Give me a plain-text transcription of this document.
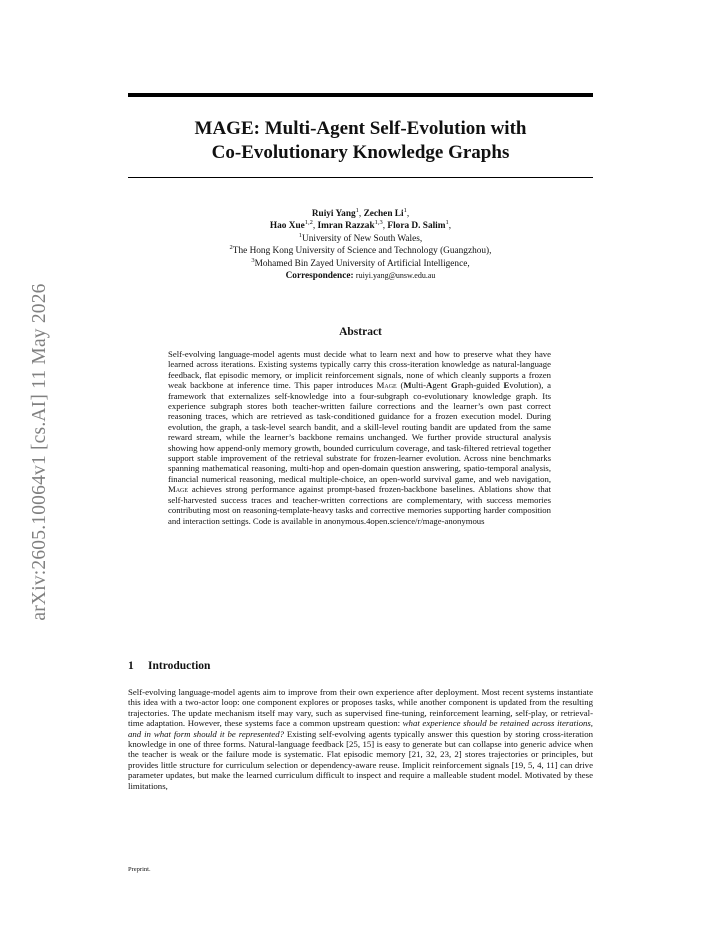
arXiv:2605.10064v1 [cs.AI] 11 May 2026
MAGE: Multi-Agent Self-Evolution with
Co-Evolutionary Knowledge Graphs
Ruiyi Yang$^1$, Zechen Li$^1$,
Hao Xue$^{1,2}$, Imran Razzak$^{1,3}$, Flora D. Salim$^1$,
$^1$University of New South Wales,
$^2$The Hong Kong University of Science and Technology (Guangzhou),
$^3$Mohamed Bin Zayed University of Artificial Intelligence,
Correspondence: ruiyi.yang@unsw.edu.au
Abstract

Self-evolving language-model agents must decide what to learn next and how to preserve what they have learned across iterations. Existing systems typically carry this cross-iteration knowledge as natural-language feedback, flat episodic memory, or implicit reinforcement signals, none of which cleanly supports a frozen weak backbone at inference time. This paper introduces Mage (Multi-Agent Graph-guided Evolution), a framework that externalizes self-knowledge into a four-subgraph co-evolutionary knowledge graph. Its experience subgraph stores both teacher-written failure corrections and the learner’s own past correct reasoning traces, which are retrieved as task-conditioned guidance for a frozen execution model. During evolution, the graph, a task-level search bandit, and a skill-level routing bandit are updated from the same reward stream, while the learner’s backbone remains unchanged. We further provide structural analysis showing how append-only memory growth, bounded curriculum coverage, and task-filtered retrieval together support stable improvement of the retrieval substrate for frozen-learner evolution. Across nine benchmarks spanning mathematical reasoning, multi-hop and open-domain question answering, spatio-temporal analysis, financial numerical reasoning, medical multiple-choice, an open-world survival game, and web navigation, Mage achieves strong performance against prompt-based frozen-backbone baselines. Ablations show that self-harvested success traces and teacher-written corrections are complementary, with success memories contributing most on reasoning-template-heavy tasks and corrective memories supporting harder composition and interaction settings. Code is available in anonymous.4open.science/r/mage-anonymous

1 Introduction

Self-evolving language-model agents aim to improve from their own experience after deployment. Most recent systems instantiate this idea with a two-actor loop: one component explores or proposes tasks, while another component is updated from the resulting trajectories. The update mechanism itself may vary, such as supervised fine-tuning, reinforcement learning, self-play, or retrieval-time adaptation. However, these systems face a common upstream question: what experience should be retained across iterations, and in what form should it be represented? Existing self-evolving agents typically answer this question by storing cross-iteration knowledge in one of three forms. Natural-language feedback [25, 15] is easy to generate but can collapse into generic advice when the teacher is weak or the failure mode is systematic. Flat episodic memory [21, 32, 23, 2] stores trajectories or principles, but provides little structure for curriculum selection or dependency-aware reuse. Implicit reinforcement signals [19, 5, 4, 11] can drive parameter updates, but make the learned curriculum difficult to inspect and require a malleable student model. Motivated by these limitations,

Preprint.
